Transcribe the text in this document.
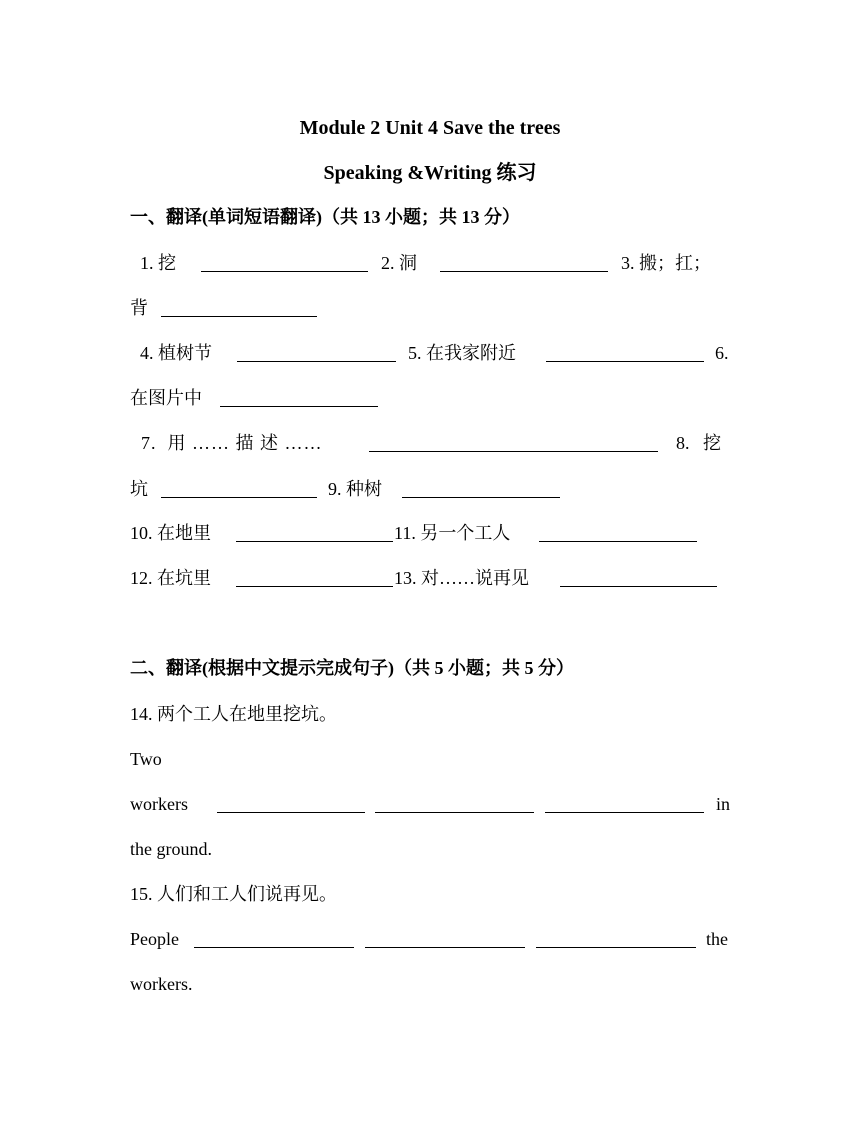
Module 2 Unit 4 Save the trees
Speaking &Writing 练习
一、翻译(单词短语翻译)（共 13 小题；共 13 分）
1. 挖	2. 洞	3. 搬；扛；
背
4. 植树节	5. 在我家附近	6.
在图片中
7. 用 …… 描 述 ……	8. 挖
坑	9. 种树
10. 在地里	11. 另一个工人
12. 在坑里	13. 对……说再见
二、翻译(根据中文提示完成句子)（共 5 小题；共 5 分）
14. 两个工人在地里挖坑。
Two
workers	in
the ground.
15. 人们和工人们说再见。
People	the
workers.
